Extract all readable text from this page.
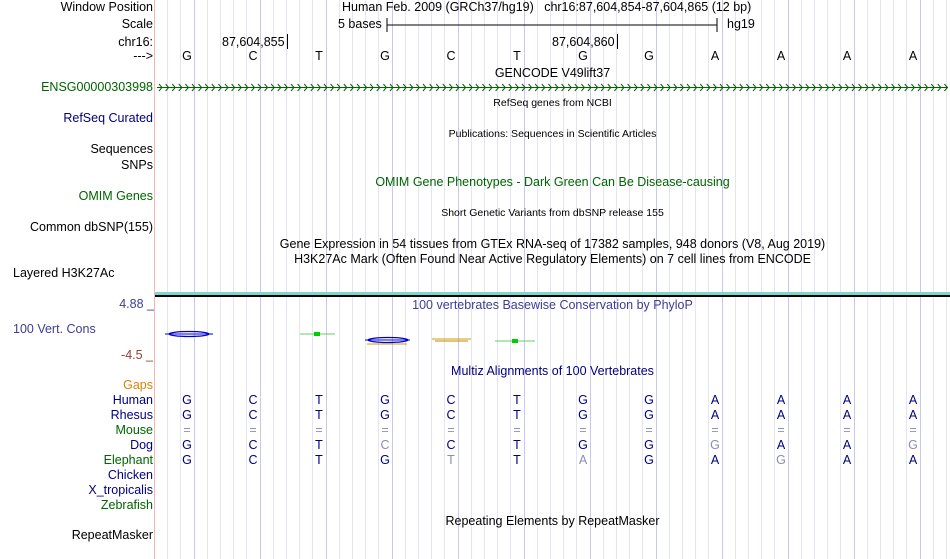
Window Position	Human Feb. 2009 (GRCh37/hg19)   chr16:87,604,854-87,604,865 (12 bp)
Scale	5 bases	hg19
chr16:	87,604,855	87,604,860
--->	G	C	T	G	C	T	G	G	A	A	A	A
GENCODE V49lift37
ENSG00000303998
RefSeq genes from NCBI
RefSeq Curated
Publications: Sequences in Scientific Articles
Sequences
SNPs
OMIM Gene Phenotypes - Dark Green Can Be Disease-causing
OMIM Genes
Short Genetic Variants from dbSNP release 155
Common dbSNP(155)
Gene Expression in 54 tissues from GTEx RNA-seq of 17382 samples, 948 donors (V8, Aug 2019)
H3K27Ac Mark (Often Found Near Active Regulatory Elements) on 7 cell lines from ENCODE
Layered H3K27Ac
100 vertebrates Basewise Conservation by PhyloP
4.88 _
100 Vert. Cons
-4.5 _
Multiz Alignments of 100 Vertebrates
Gaps
Human	G	C	T	G	C	T	G	G	A	A	A	A
Rhesus	G	C	T	G	C	T	G	G	A	A	A	A
Mouse	=	=	=	=	=	=	=	=	=	=	=	=
Dog	G	C	T	C	C	T	G	G	G	A	A	G
Elephant	G	C	T	G	T	T	A	G	A	G	A	A
Chicken
X_tropicalis
Zebrafish
Repeating Elements by RepeatMasker
RepeatMasker
